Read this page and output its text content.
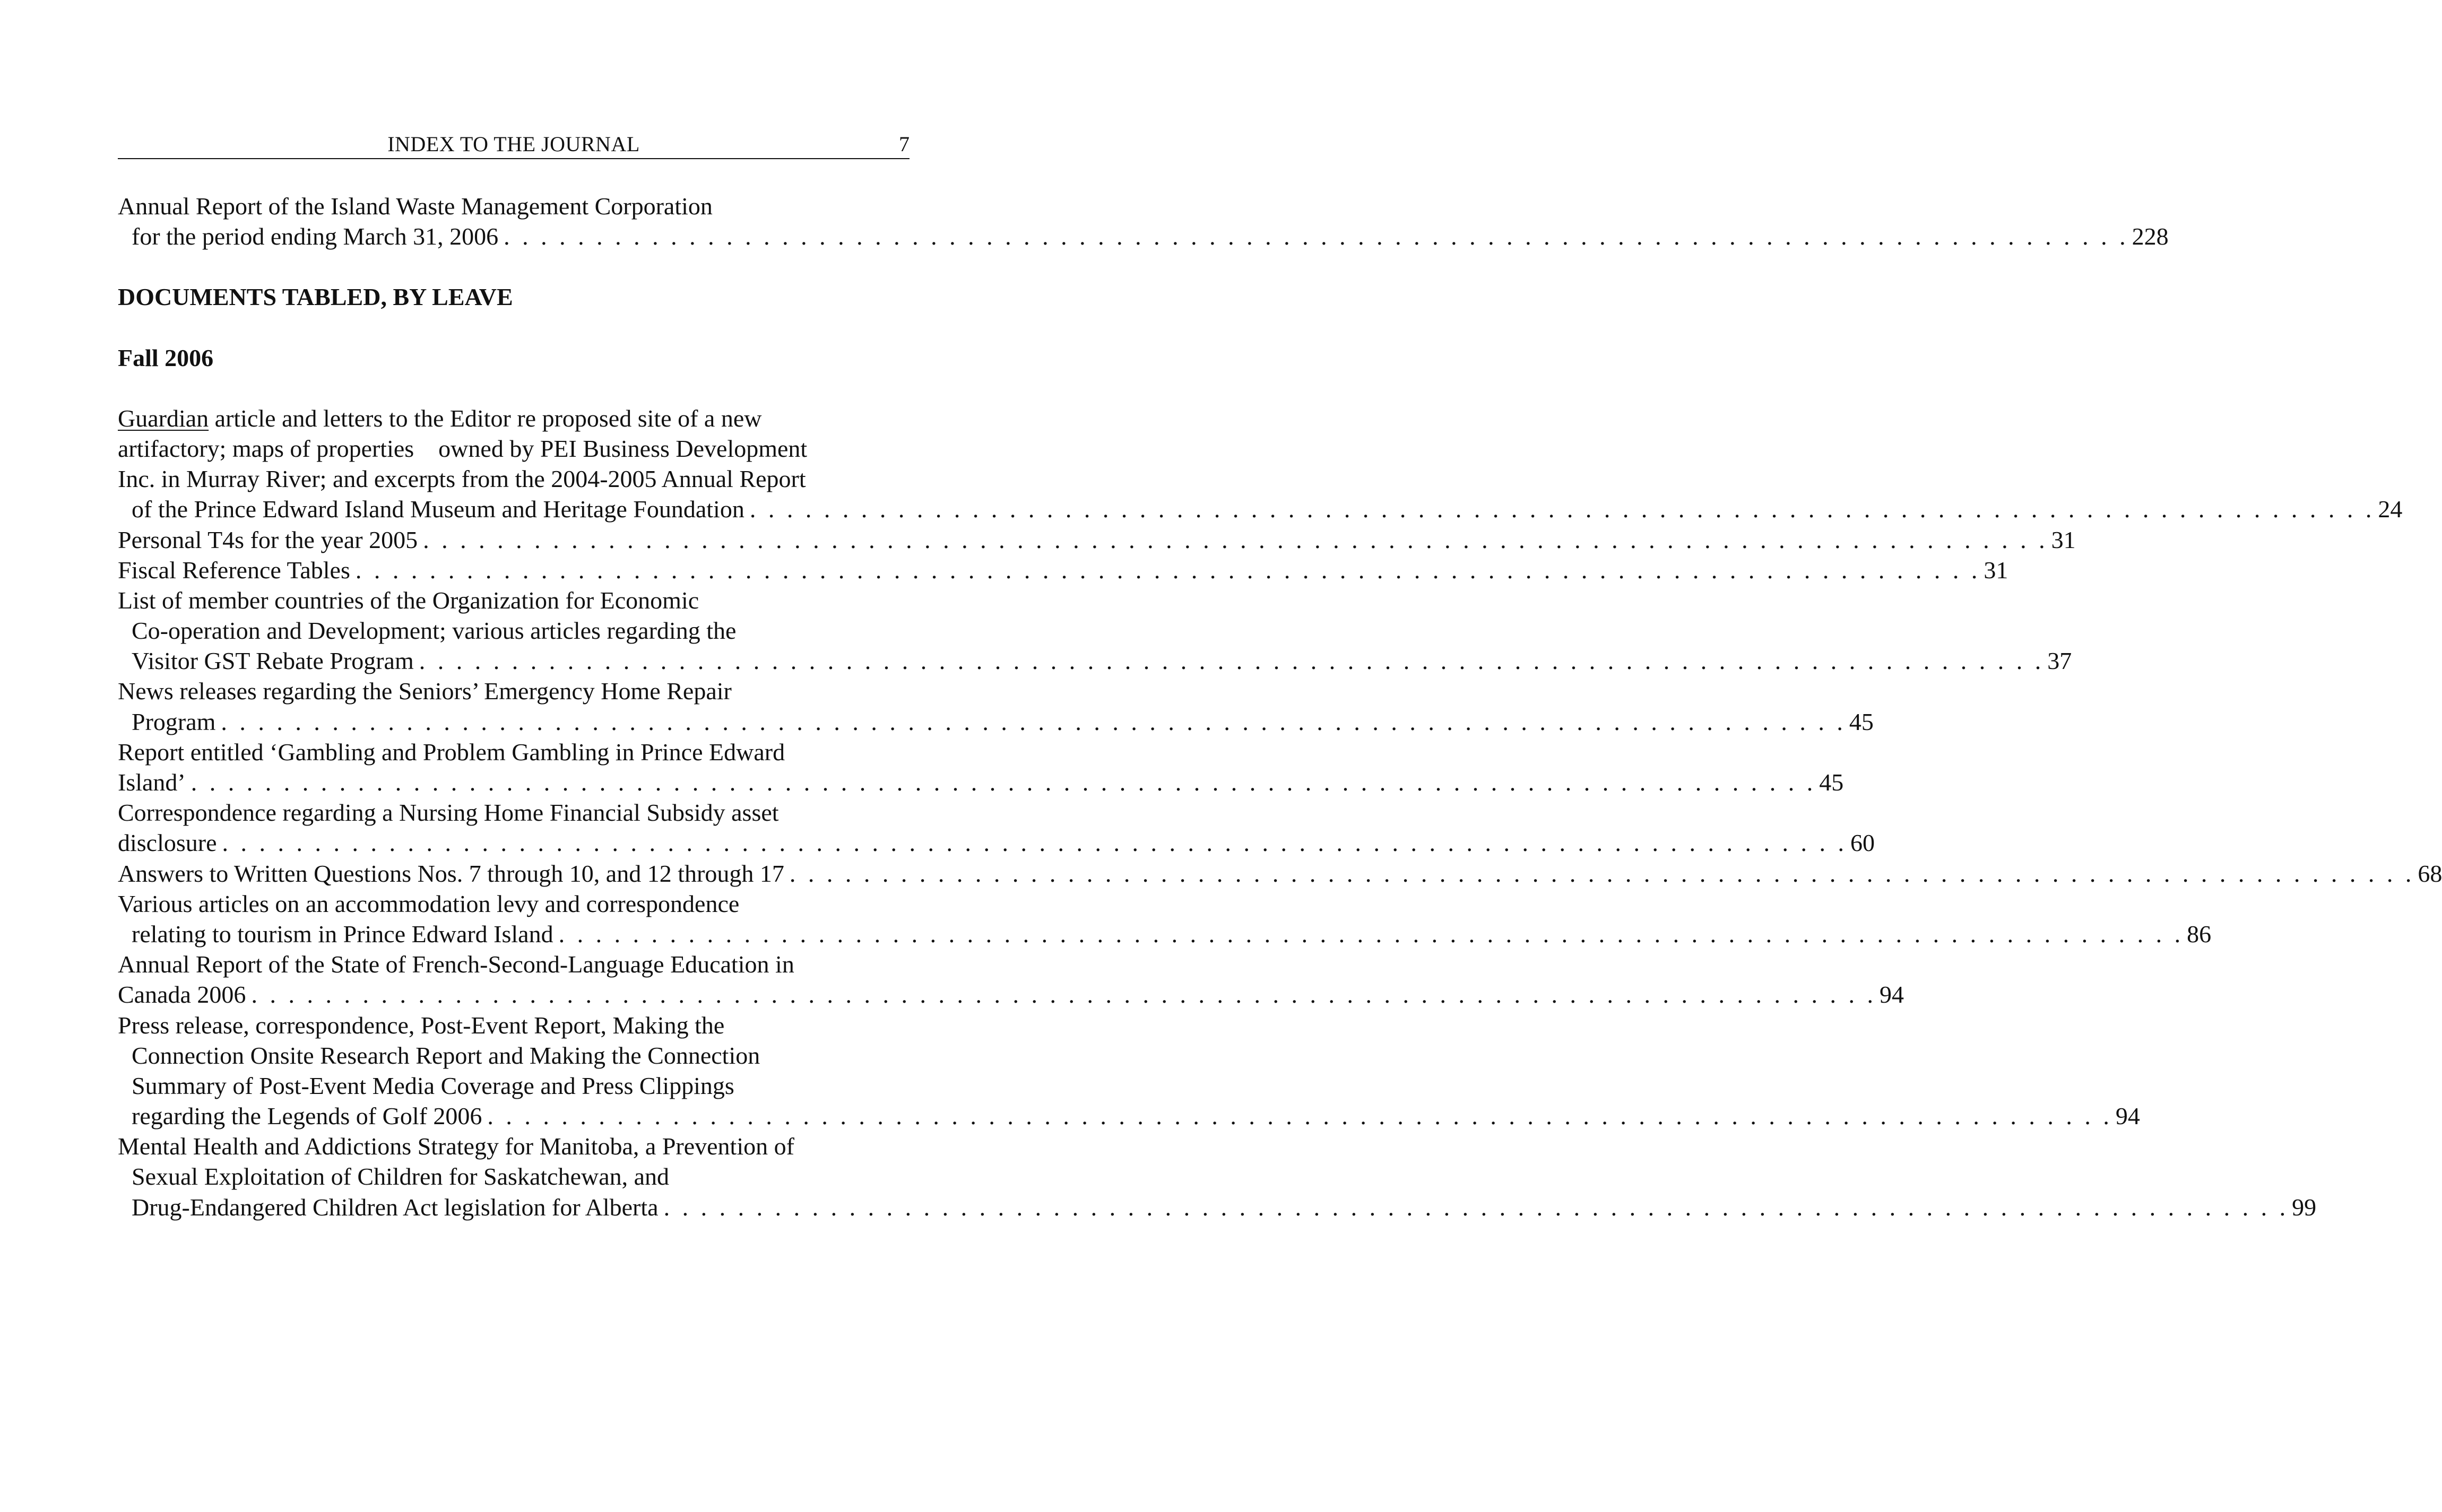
INDEX TO THE JOURNAL	7
Annual Report of the Island Waste Management Corporation
for the period ending March 31, 2006 . . . . . . . . . . . . . . . . . . . . . . . . . . . . . . . . . . . . . . . . . . . . . . . . . . . . . . . . . . . . . . . . . . . . . . . . . . . . . . . . . . . . . . . . 228
DOCUMENTS TABLED, BY LEAVE
Fall 2006
Guardian article and letters to the Editor re proposed site of a new
artifactory; maps of properties    owned by PEI Business Development
Inc. in Murray River; and excerpts from the 2004-2005 Annual Report
of the Prince Edward Island Museum and Heritage Foundation . . . . . . . . . . . . . . . . . . . . . . . . . . . . . . . . . . . . . . . . . . . . . . . . . . . . . . . . . . . . . . . . . . . . . . . . . . . . . . . . . . . . . . . . 24
Personal T4s for the year 2005 . . . . . . . . . . . . . . . . . . . . . . . . . . . . . . . . . . . . . . . . . . . . . . . . . . . . . . . . . . . . . . . . . . . . . . . . . . . . . . . . . . . . . . . . 31
Fiscal Reference Tables . . . . . . . . . . . . . . . . . . . . . . . . . . . . . . . . . . . . . . . . . . . . . . . . . . . . . . . . . . . . . . . . . . . . . . . . . . . . . . . . . . . . . . . . 31
List of member countries of the Organization for Economic
Co-operation and Development; various articles regarding the
Visitor GST Rebate Program . . . . . . . . . . . . . . . . . . . . . . . . . . . . . . . . . . . . . . . . . . . . . . . . . . . . . . . . . . . . . . . . . . . . . . . . . . . . . . . . . . . . . . . . 37
News releases regarding the Seniors’ Emergency Home Repair
Program . . . . . . . . . . . . . . . . . . . . . . . . . . . . . . . . . . . . . . . . . . . . . . . . . . . . . . . . . . . . . . . . . . . . . . . . . . . . . . . . . . . . . . . . 45
Report entitled ‘Gambling and Problem Gambling in Prince Edward
Island’ . . . . . . . . . . . . . . . . . . . . . . . . . . . . . . . . . . . . . . . . . . . . . . . . . . . . . . . . . . . . . . . . . . . . . . . . . . . . . . . . . . . . . . . . 45
Correspondence regarding a Nursing Home Financial Subsidy asset
disclosure . . . . . . . . . . . . . . . . . . . . . . . . . . . . . . . . . . . . . . . . . . . . . . . . . . . . . . . . . . . . . . . . . . . . . . . . . . . . . . . . . . . . . . . . 60
Answers to Written Questions Nos. 7 through 10, and 12 through 17 . . . . . . . . . . . . . . . . . . . . . . . . . . . . . . . . . . . . . . . . . . . . . . . . . . . . . . . . . . . . . . . . . . . . . . . . . . . . . . . . . . . . . . . . 68
Various articles on an accommodation levy and correspondence
relating to tourism in Prince Edward Island . . . . . . . . . . . . . . . . . . . . . . . . . . . . . . . . . . . . . . . . . . . . . . . . . . . . . . . . . . . . . . . . . . . . . . . . . . . . . . . . . . . . . . . . 86
Annual Report of the State of French-Second-Language Education in
Canada 2006 . . . . . . . . . . . . . . . . . . . . . . . . . . . . . . . . . . . . . . . . . . . . . . . . . . . . . . . . . . . . . . . . . . . . . . . . . . . . . . . . . . . . . . . . 94
Press release, correspondence, Post-Event Report, Making the
Connection Onsite Research Report and Making the Connection
Summary of Post-Event Media Coverage and Press Clippings
regarding the Legends of Golf 2006 . . . . . . . . . . . . . . . . . . . . . . . . . . . . . . . . . . . . . . . . . . . . . . . . . . . . . . . . . . . . . . . . . . . . . . . . . . . . . . . . . . . . . . . . 94
Mental Health and Addictions Strategy for Manitoba, a Prevention of
Sexual Exploitation of Children for Saskatchewan, and
Drug-Endangered Children Act legislation for Alberta . . . . . . . . . . . . . . . . . . . . . . . . . . . . . . . . . . . . . . . . . . . . . . . . . . . . . . . . . . . . . . . . . . . . . . . . . . . . . . . . . . . . . . . . 99
